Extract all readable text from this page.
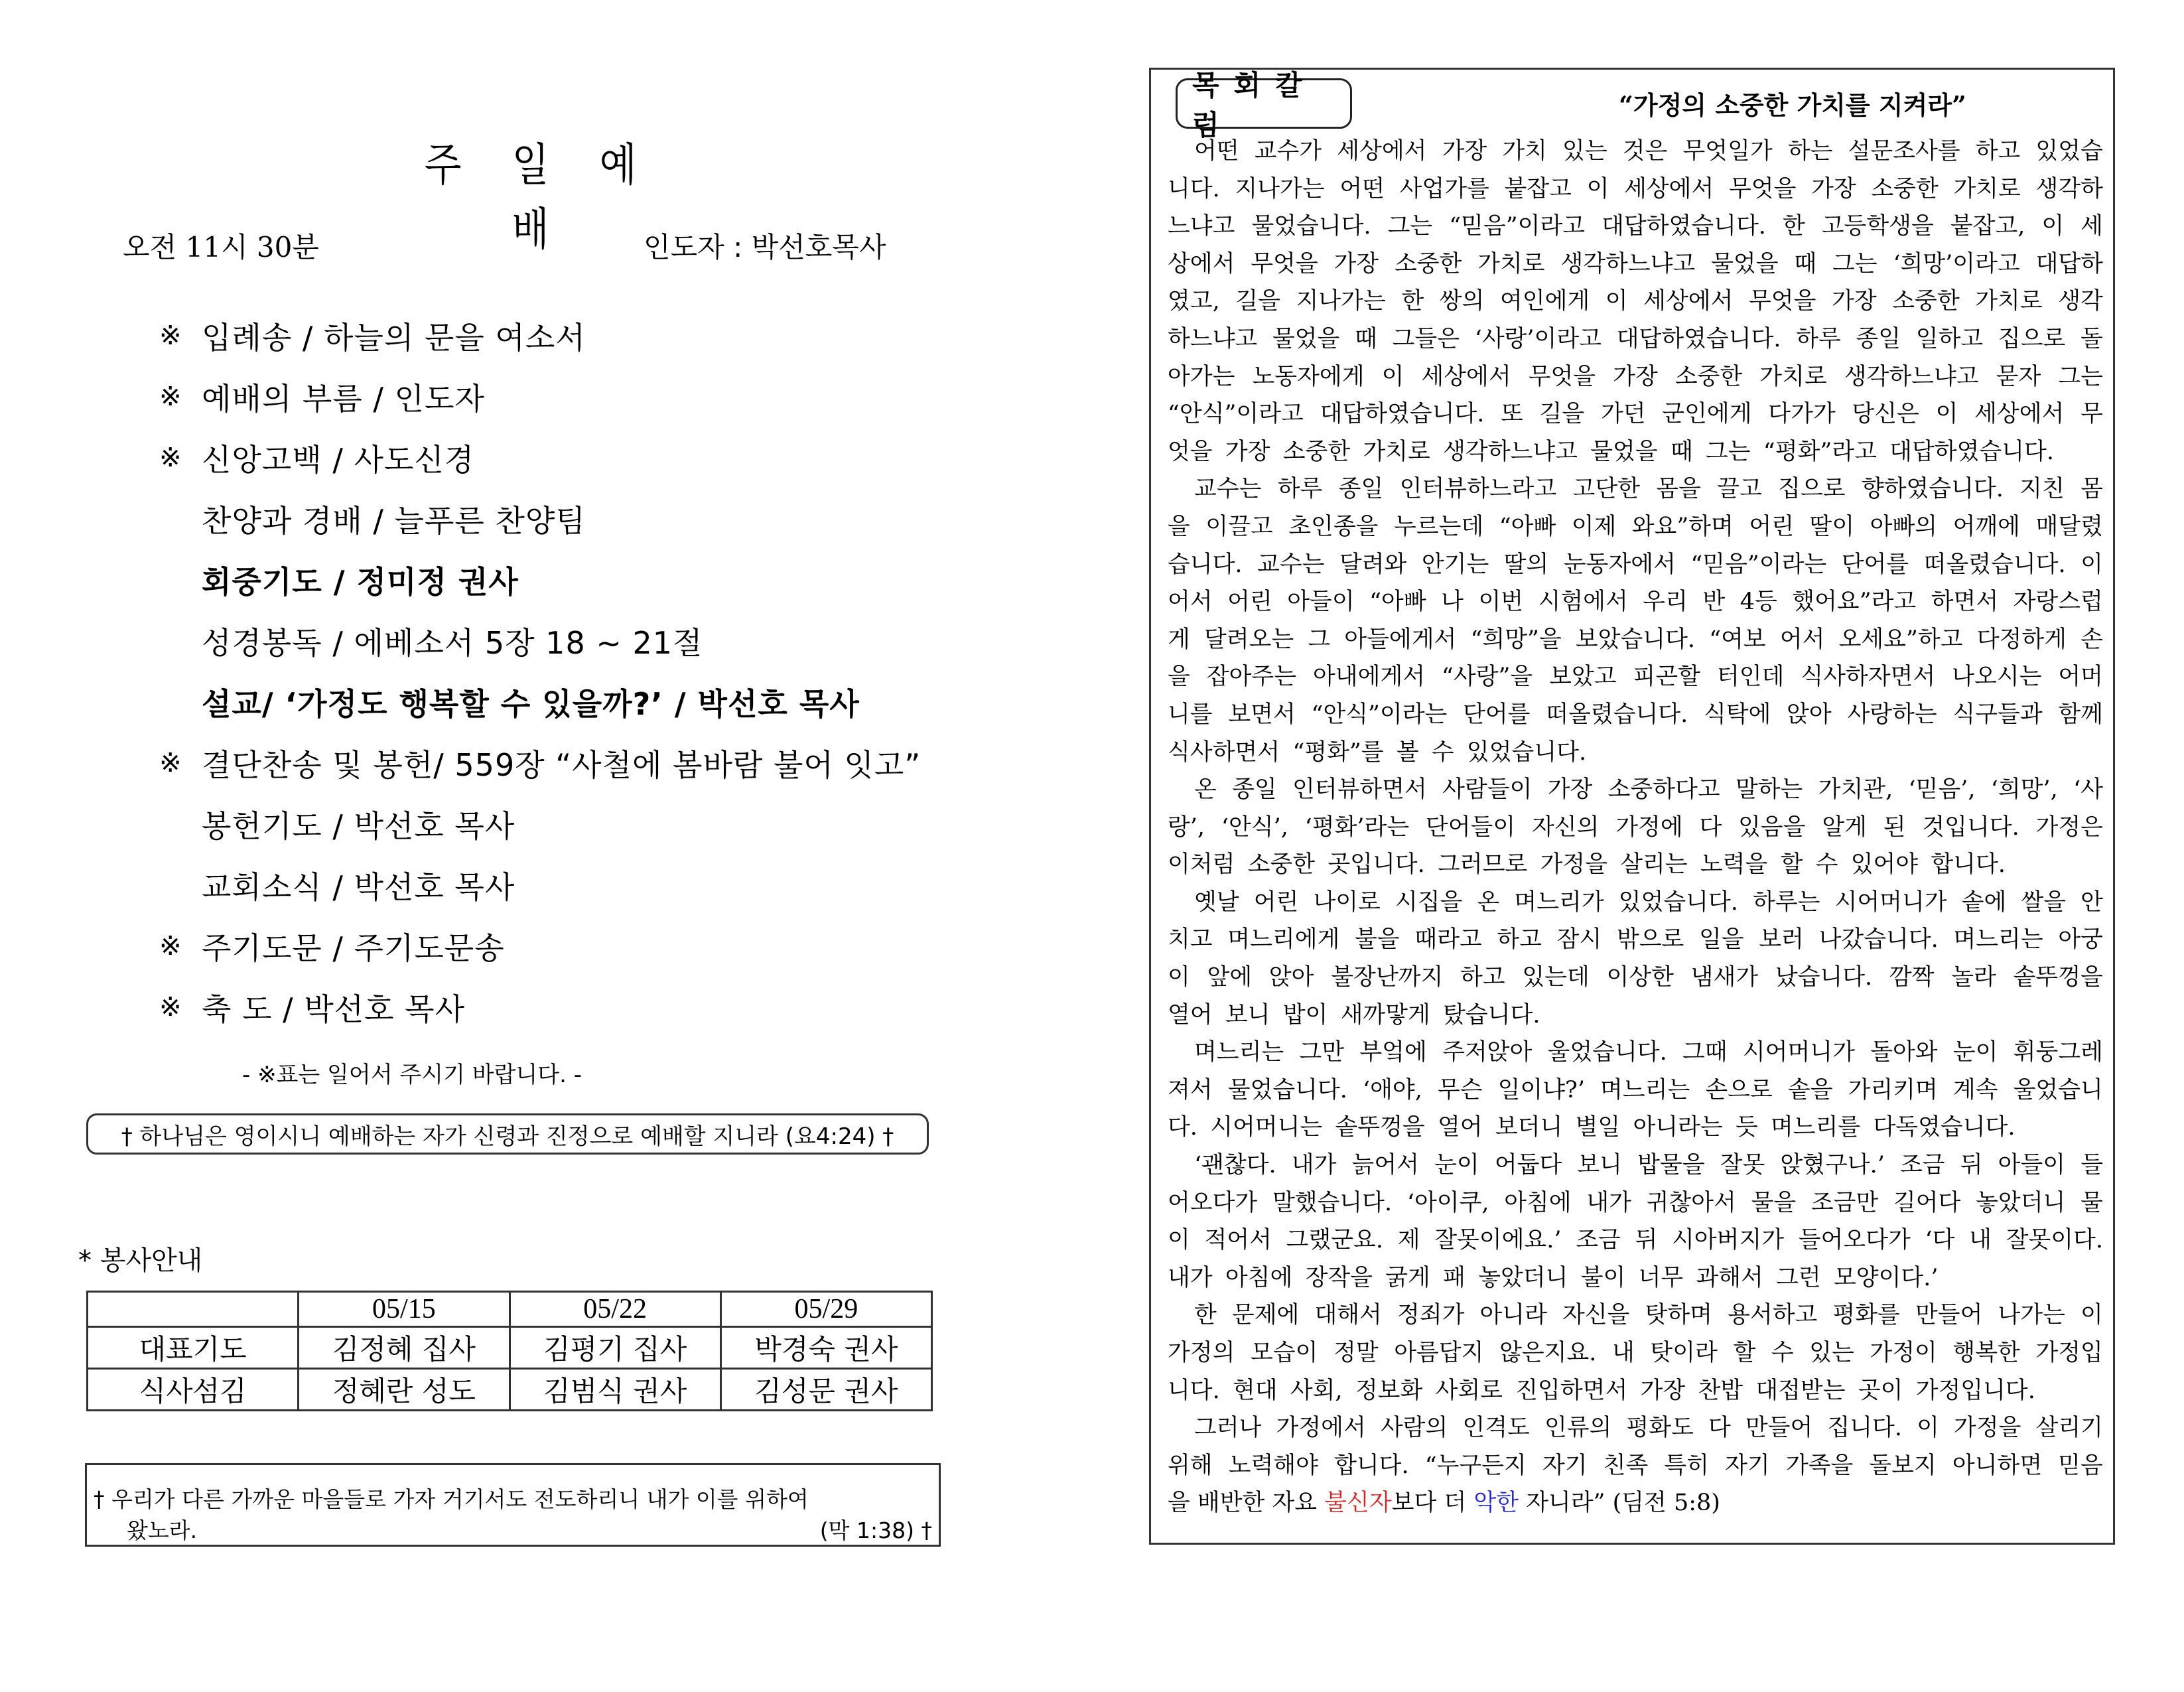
주 일 예 배
오전 11시 30분	인도자 : 박선호목사
※ 입례송 / 하늘의 문을 여소서
※ 예배의 부름 / 인도자
※ 신앙고백 / 사도신경
찬양과 경배 / 늘푸른 찬양팀
회중기도 / 정미정 권사
성경봉독 / 에베소서 5장 18 ~ 21절
설교/ ‘가정도 행복할 수 있을까?’ / 박선호 목사
※ 결단찬송 및 봉헌/ 559장 “사철에 봄바람 불어 잇고”
봉헌기도 / 박선호 목사
교회소식 / 박선호 목사
※ 주기도문 / 주기도문송
※ 축 도 / 박선호 목사
- ※표는 일어서 주시기 바랍니다. -
† 하나님은 영이시니 예배하는 자가 신령과 진정으로 예배할 지니라 (요4:24) †
* 봉사안내
	05/15	05/22	05/29
대표기도	김정혜 집사	김평기 집사	박경숙 권사
식사섬김	정혜란 성도	김범식 권사	김성문 권사
† 우리가 다른 가까운 마을들로 가자 거기서도 전도하리니 내가 이를 위하여
왔노라.	(막 1:38) †
목회칼럼
“가정의 소중한 가치를 지켜라”
어떤 교수가 세상에서 가장 가치 있는 것은 무엇일가 하는 설문조사를 하고 있었습
니다. 지나가는 어떤 사업가를 붙잡고 이 세상에서 무엇을 가장 소중한 가치로 생각하
느냐고 물었습니다. 그는 “믿음”이라고 대답하였습니다. 한 고등학생을 붙잡고, 이 세
상에서 무엇을 가장 소중한 가치로 생각하느냐고 물었을 때 그는 ‘희망’이라고 대답하
였고, 길을 지나가는 한 쌍의 여인에게 이 세상에서 무엇을 가장 소중한 가치로 생각
하느냐고 물었을 때 그들은 ‘사랑’이라고 대답하였습니다. 하루 종일 일하고 집으로 돌
아가는 노동자에게 이 세상에서 무엇을 가장 소중한 가치로 생각하느냐고 묻자 그는
“안식”이라고 대답하였습니다. 또 길을 가던 군인에게 다가가 당신은 이 세상에서 무
엇을 가장 소중한 가치로 생각하느냐고 물었을 때 그는 “평화”라고 대답하였습니다.
교수는 하루 종일 인터뷰하느라고 고단한 몸을 끌고 집으로 향하였습니다. 지친 몸
을 이끌고 초인종을 누르는데 “아빠 이제 와요”하며 어린 딸이 아빠의 어깨에 매달렸
습니다. 교수는 달려와 안기는 딸의 눈동자에서 “믿음”이라는 단어를 떠올렸습니다. 이
어서 어린 아들이 “아빠 나 이번 시험에서 우리 반 4등 했어요”라고 하면서 자랑스럽
게 달려오는 그 아들에게서 “희망”을 보았습니다. “여보 어서 오세요”하고 다정하게 손
을 잡아주는 아내에게서 “사랑”을 보았고 피곤할 터인데 식사하자면서 나오시는 어머
니를 보면서 “안식”이라는 단어를 떠올렸습니다. 식탁에 앉아 사랑하는 식구들과 함께
식사하면서 “평화”를 볼 수 있었습니다.
온 종일 인터뷰하면서 사람들이 가장 소중하다고 말하는 가치관, ‘믿음’, ‘희망’, ‘사
랑’, ‘안식’, ‘평화’라는 단어들이 자신의 가정에 다 있음을 알게 된 것입니다. 가정은
이처럼 소중한 곳입니다. 그러므로 가정을 살리는 노력을 할 수 있어야 합니다.
옛날 어린 나이로 시집을 온 며느리가 있었습니다. 하루는 시어머니가 솥에 쌀을 안
치고 며느리에게 불을 때라고 하고 잠시 밖으로 일을 보러 나갔습니다. 며느리는 아궁
이 앞에 앉아 불장난까지 하고 있는데 이상한 냄새가 났습니다. 깜짝 놀라 솥뚜껑을
열어 보니 밥이 새까맣게 탔습니다.
며느리는 그만 부엌에 주저앉아 울었습니다. 그때 시어머니가 돌아와 눈이 휘둥그레
져서 물었습니다. ‘애야, 무슨 일이냐?’ 며느리는 손으로 솥을 가리키며 계속 울었습니
다. 시어머니는 솥뚜껑을 열어 보더니 별일 아니라는 듯 며느리를 다독였습니다.
‘괜찮다. 내가 늙어서 눈이 어둡다 보니 밥물을 잘못 앉혔구나.’ 조금 뒤 아들이 들
어오다가 말했습니다. ‘아이쿠, 아침에 내가 귀찮아서 물을 조금만 길어다 놓았더니 물
이 적어서 그랬군요. 제 잘못이에요.’ 조금 뒤 시아버지가 들어오다가 ‘다 내 잘못이다.
내가 아침에 장작을 굵게 패 놓았더니 불이 너무 과해서 그런 모양이다.’
한 문제에 대해서 정죄가 아니라 자신을 탓하며 용서하고 평화를 만들어 나가는 이
가정의 모습이 정말 아름답지 않은지요. 내 탓이라 할 수 있는 가정이 행복한 가정입
니다. 현대 사회, 정보화 사회로 진입하면서 가장 찬밥 대접받는 곳이 가정입니다.
그러나 가정에서 사람의 인격도 인류의 평화도 다 만들어 집니다. 이 가정을 살리기
위해 노력해야 합니다. “누구든지 자기 친족 특히 자기 가족을 돌보지 아니하면 믿음
을 배반한 자요 불신자 보다 더 악한 자니라” (딤전 5:8)
